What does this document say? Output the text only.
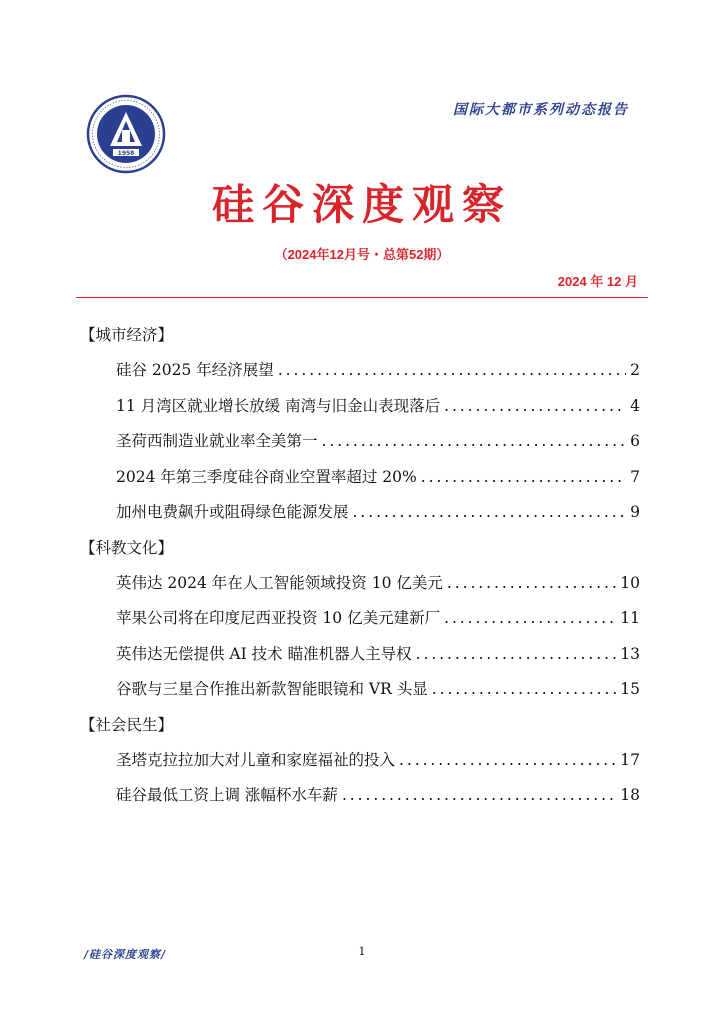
1958
国际大都市系列动态报告
硅谷深度观察
（2024年12月号・总第52期）
2024 年 12 月
【城市经济】
硅谷 2025 年经济展望 . . .	2
11 月湾区就业增长放缓 南湾与旧金山表现落后 . . .	4
圣荷西制造业就业率全美第一 . . .	6
2024 年第三季度硅谷商业空置率超过 20% . . .	7
加州电费飙升或阻碍绿色能源发展 . . .	9
【科教文化】
英伟达 2024 年在人工智能领域投资 10 亿美元 . . .	10
苹果公司将在印度尼西亚投资 10 亿美元建新厂 . . .	11
英伟达无偿提供 AI 技术 瞄准机器人主导权 . . .	13
谷歌与三星合作推出新款智能眼镜和 VR 头显 . . .	15
【社会民生】
圣塔克拉拉加大对儿童和家庭福祉的投入 . . .	17
硅谷最低工资上调 涨幅杯水车薪 . . .	18
/硅谷深度观察/	1
